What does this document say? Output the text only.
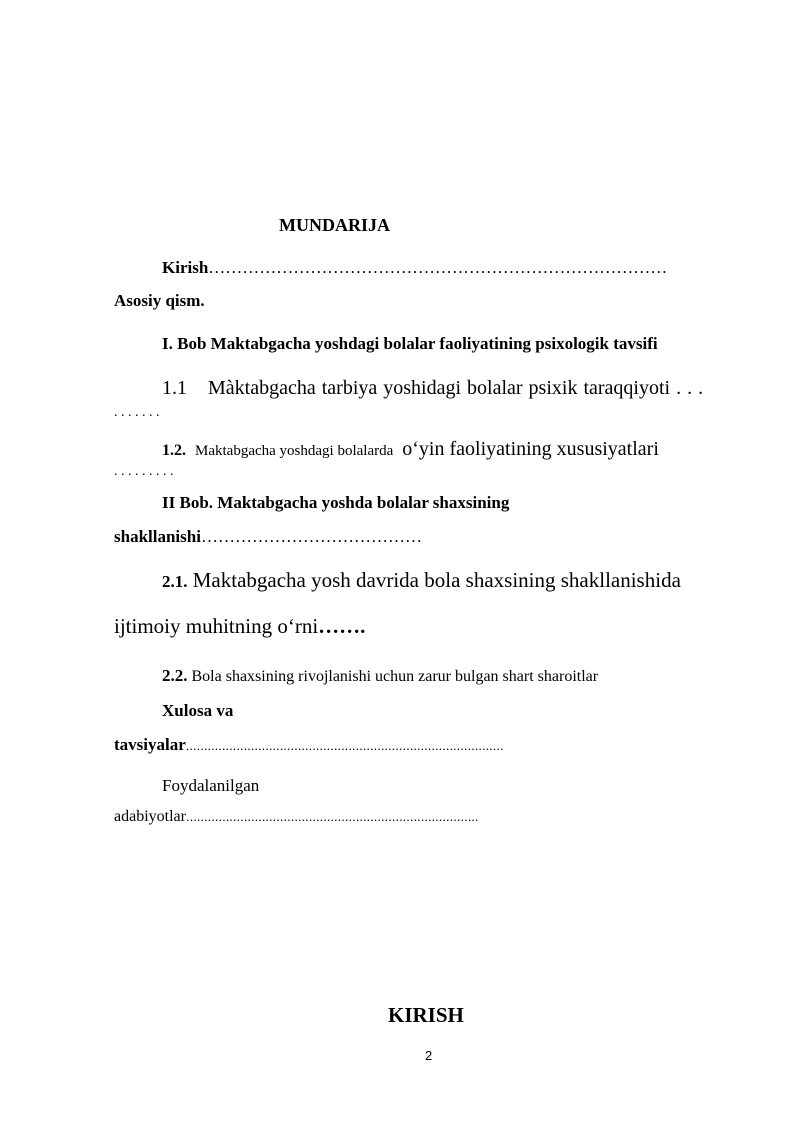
MUNDARIJA
Kirish………………………………………………………………………
Asosiy qism.
I. Bob Maktabgacha yoshdagi bolalar faoliyatining psixologik tavsifi
1.1 Màktabgacha tarbiya yoshidagi bolalar psixik taraqqiyoti . . .
. . . . . . .
1.2. Maktabgacha yoshdagi bolalarda o‘yin faoliyatining xususiyatlari
. . . . . . . . .
II Bob. Maktabgacha yoshda bolalar shaxsining
shakllanishi…………………………………
2.1. Maktabgacha yosh davrida bola shaxsining shakllanishida
ijtimoiy muhitning o‘rni…….
2.2. Bola shaxsining rivojlanishi uchun zarur bulgan shart sharoitlar
Xulosa va
tavsiyalar........................................................................................
Foydalanilgan
adabiyotlar.................................................................................
KIRISH
2
